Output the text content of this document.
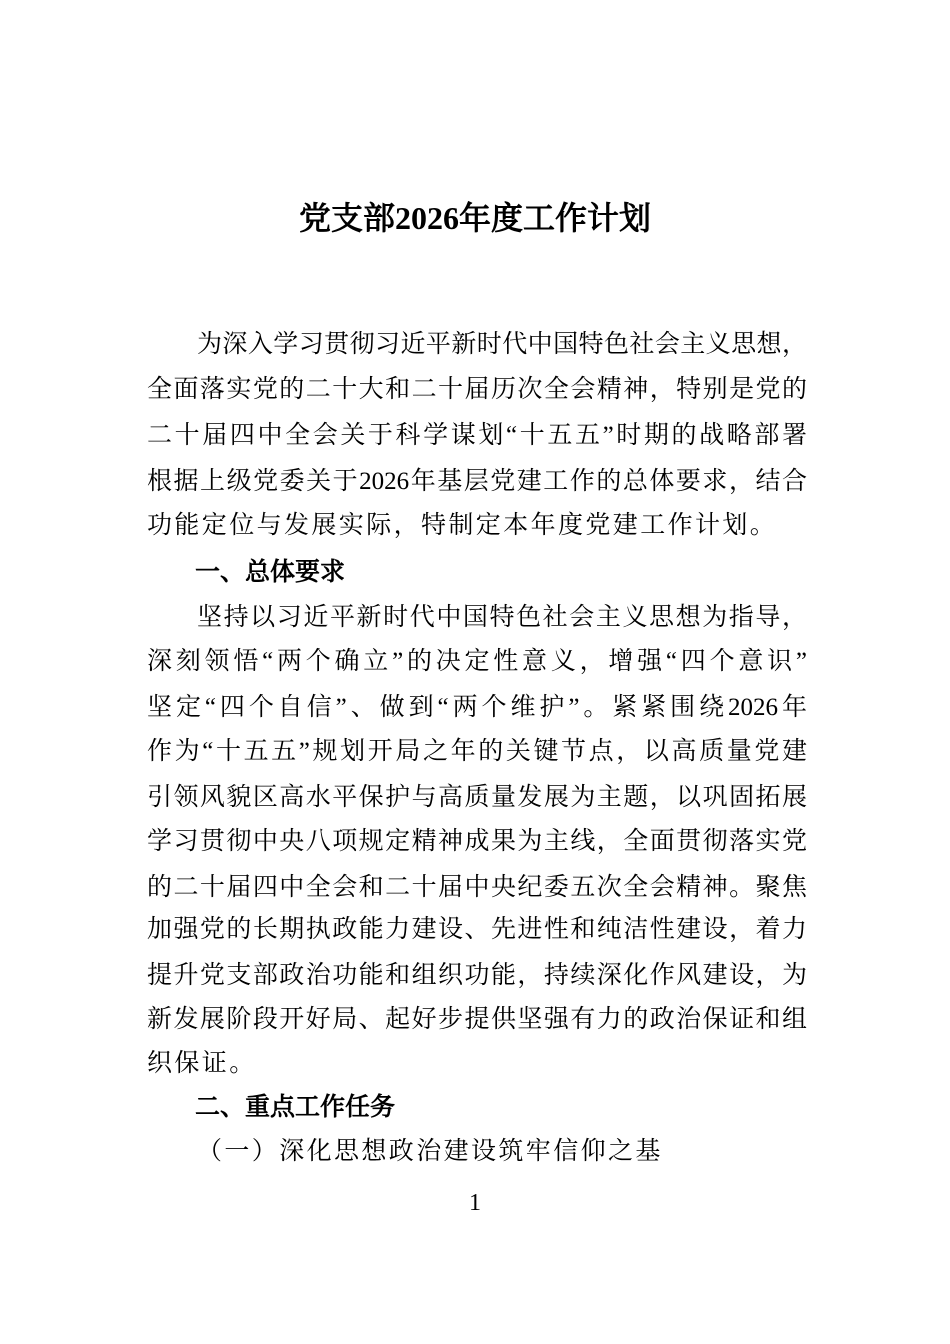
党支部2026年度工作计划
为深入学习贯彻习近平新时代中国特色社会主义思想，
全面落实党的二十大和二十届历次全会精神，特别是党的
二十届四中全会关于科学谋划“十五五”时期的战略部署
根据上级党委关于2026年基层党建工作的总体要求，结合
功能定位与发展实际，特制定本年度党建工作计划。
一、总体要求
坚持以习近平新时代中国特色社会主义思想为指导，
深刻领悟“两个确立”的决定性意义，增强“四个意识”
坚定“四个自信”、做到“两个维护”。紧紧围绕2026年
作为“十五五”规划开局之年的关键节点，以高质量党建
引领风貌区高水平保护与高质量发展为主题，以巩固拓展
学习贯彻中央八项规定精神成果为主线，全面贯彻落实党
的二十届四中全会和二十届中央纪委五次全会精神。聚焦
加强党的长期执政能力建设、先进性和纯洁性建设，着力
提升党支部政治功能和组织功能，持续深化作风建设，为
新发展阶段开好局、起好步提供坚强有力的政治保证和组
织保证。
二、重点工作任务
（一）深化思想政治建设筑牢信仰之基
1
